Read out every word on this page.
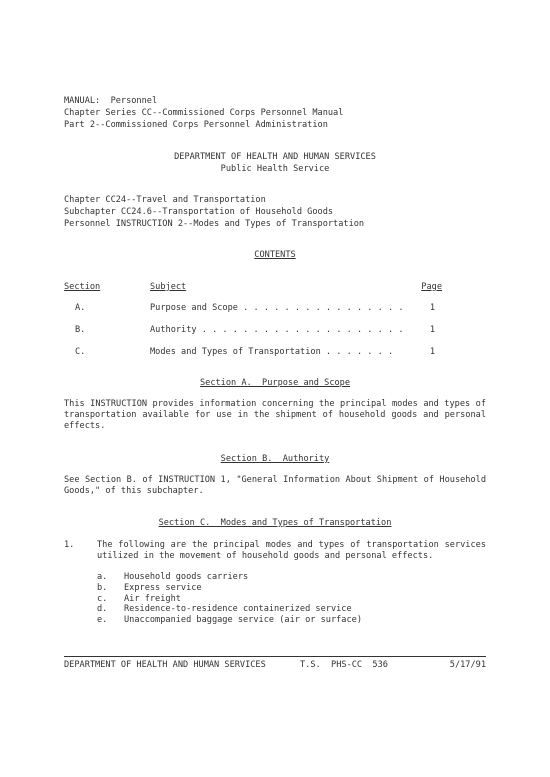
MANUAL:  Personnel
Chapter Series CC--Commissioned Corps Personnel Manual
Part 2--Commissioned Corps Personnel Administration
DEPARTMENT OF HEALTH AND HUMAN SERVICES
Public Health Service
Chapter CC24--Travel and Transportation
Subchapter CC24.6--Transportation of Household Goods
Personnel INSTRUCTION 2--Modes and Types of Transportation
CONTENTS
Section	Subject	Page
A.	Purpose and Scope . . . . . . . . . . . . . . . .	1
B.	Authority . . . . . . . . . . . . . . . . . . . .	1
C.	Modes and Types of Transportation . . . . . . .	1
Section A.  Purpose and Scope
This INSTRUCTION provides information concerning the principal modes and types of transportation available for use in the shipment of household goods and personal effects.
Section B.  Authority
See Section B. of INSTRUCTION 1, "General Information About Shipment of Household Goods," of this subchapter.
Section C.  Modes and Types of Transportation
1.	The following are the principal modes and types of transportation services utilized in the movement of household goods and personal effects.
a. Household goods carriers
b. Express service
c. Air freight
d. Residence-to-residence containerized service
e. Unaccompanied baggage service (air or surface)
DEPARTMENT OF HEALTH AND HUMAN SERVICES	T.S.  PHS-CC  536	5/17/91
